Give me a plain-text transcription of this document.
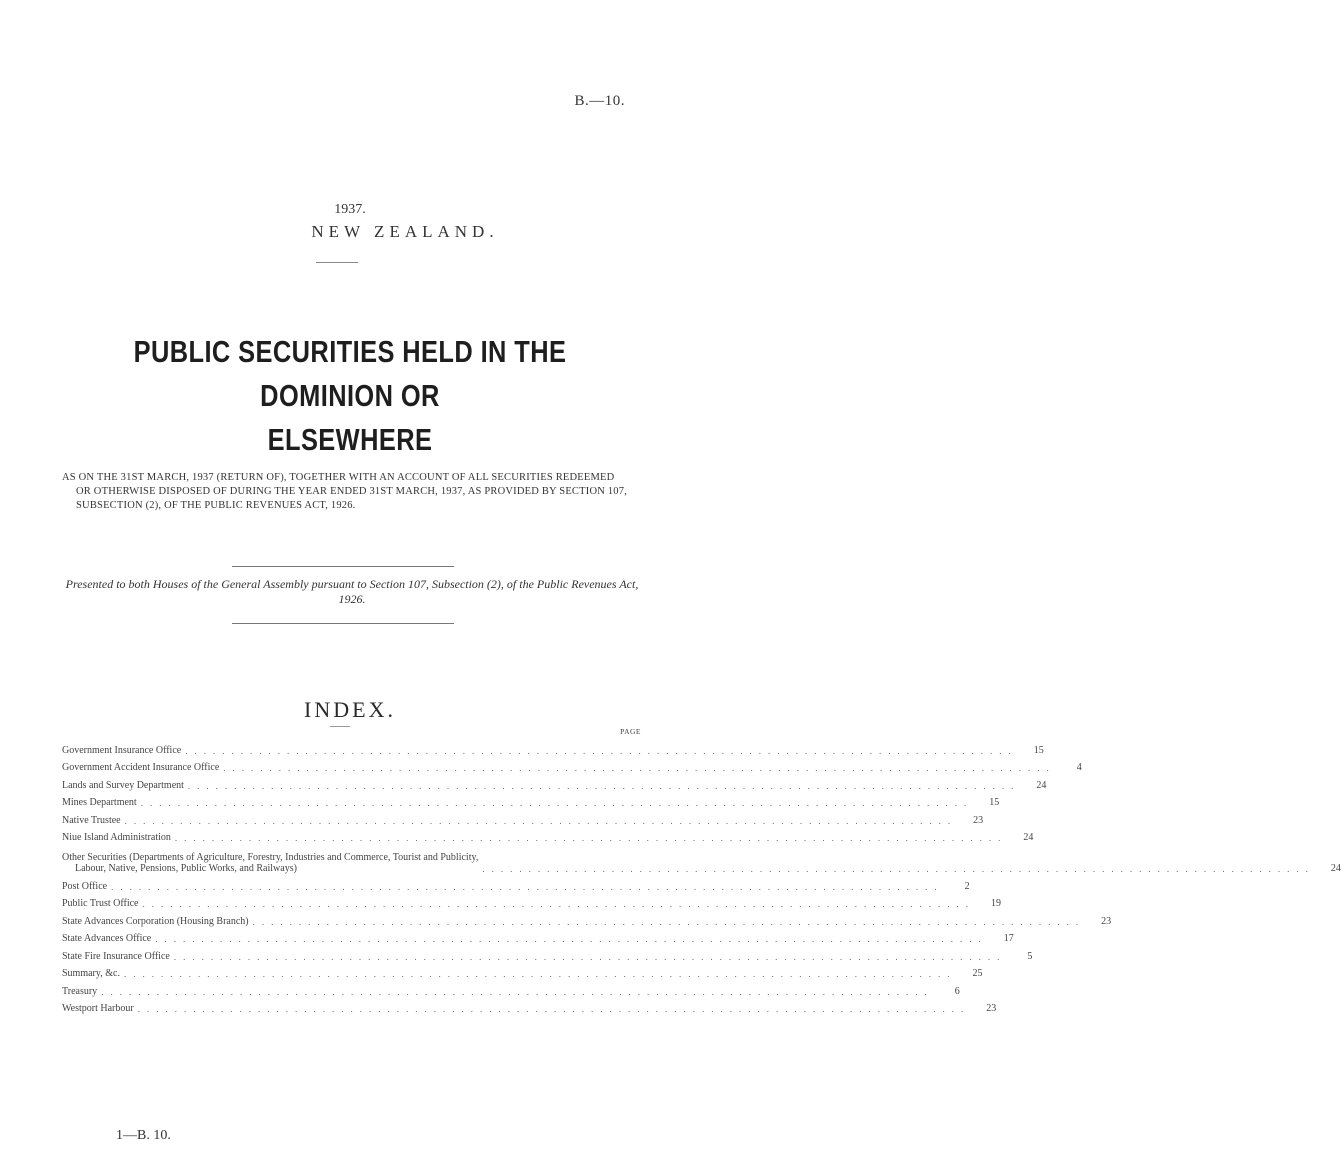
B.—10.
1937.
NEW ZEALAND.
PUBLIC SECURITIES HELD IN THE DOMINION OR
ELSEWHERE

AS ON THE 31ST MARCH, 1937 (RETURN OF), TOGETHER WITH AN ACCOUNT OF ALL SECURITIES REDEEMED OR OTHERWISE DISPOSED OF DURING THE YEAR ENDED 31ST MARCH, 1937, AS PROVIDED BY SECTION 107, SUBSECTION (2), OF THE PUBLIC REVENUES ACT, 1926.

Presented to both Houses of the General Assembly pursuant to Section 107, Subsection (2), of the Public Revenues Act, 1926.
INDEX.
PAGE
Government Insurance Office ..........................................................................................	15
Government Accident Insurance Office ..........................................................................................	4
Lands and Survey Department ..........................................................................................	24
Mines Department ..........................................................................................	15
Native Trustee ..........................................................................................	23
Niue Island Administration ..........................................................................................	24
Other Securities (Departments of Agriculture, Forestry, Industries and Commerce, Tourist and Publicity,
Labour, Native, Pensions, Public Works, and Railways)	..........................................................................................	24
Post Office ..........................................................................................	2
Public Trust Office ..........................................................................................	19
State Advances Corporation (Housing Branch) ..........................................................................................	23
State Advances Office ..........................................................................................	17
State Fire Insurance Office ..........................................................................................	5
Summary, &c. ..........................................................................................	25
Treasury ..........................................................................................	6
Westport Harbour ..........................................................................................	23
1—B. 10.
